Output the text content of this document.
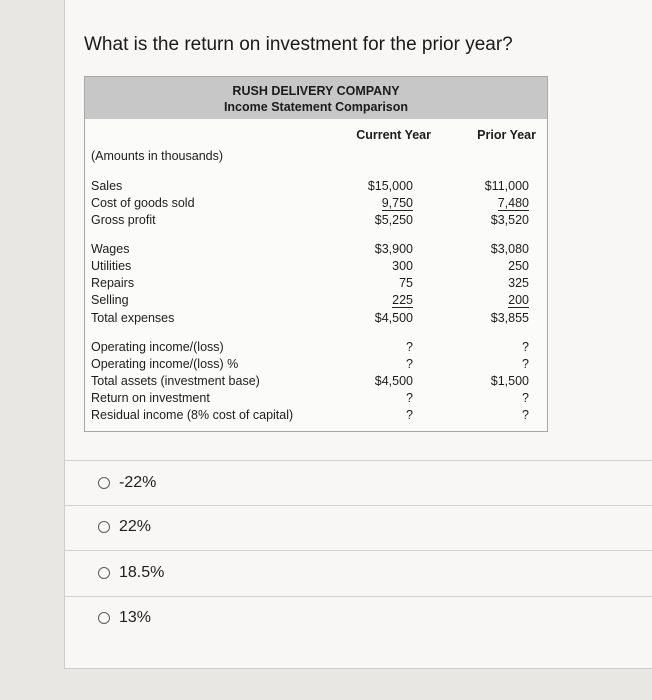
What is the return on investment for the prior year?
RUSH DELIVERY COMPANY
Income Statement Comparison
Current Year	Prior Year
(Amounts in thousands)
Sales	$15,000	$11,000
Cost of goods sold	9,750	7,480
Gross profit	$5,250	$3,520
Wages	$3,900	$3,080
Utilities	300	250
Repairs	75	325
Selling	225	200
Total expenses	$4,500	$3,855
Operating income/(loss)	?	?
Operating income/(loss) %	?	?
Total assets (investment base)	$4,500	$1,500
Return on investment	?	?
Residual income (8% cost of capital)	?	?
-22%
22%
18.5%
13%
